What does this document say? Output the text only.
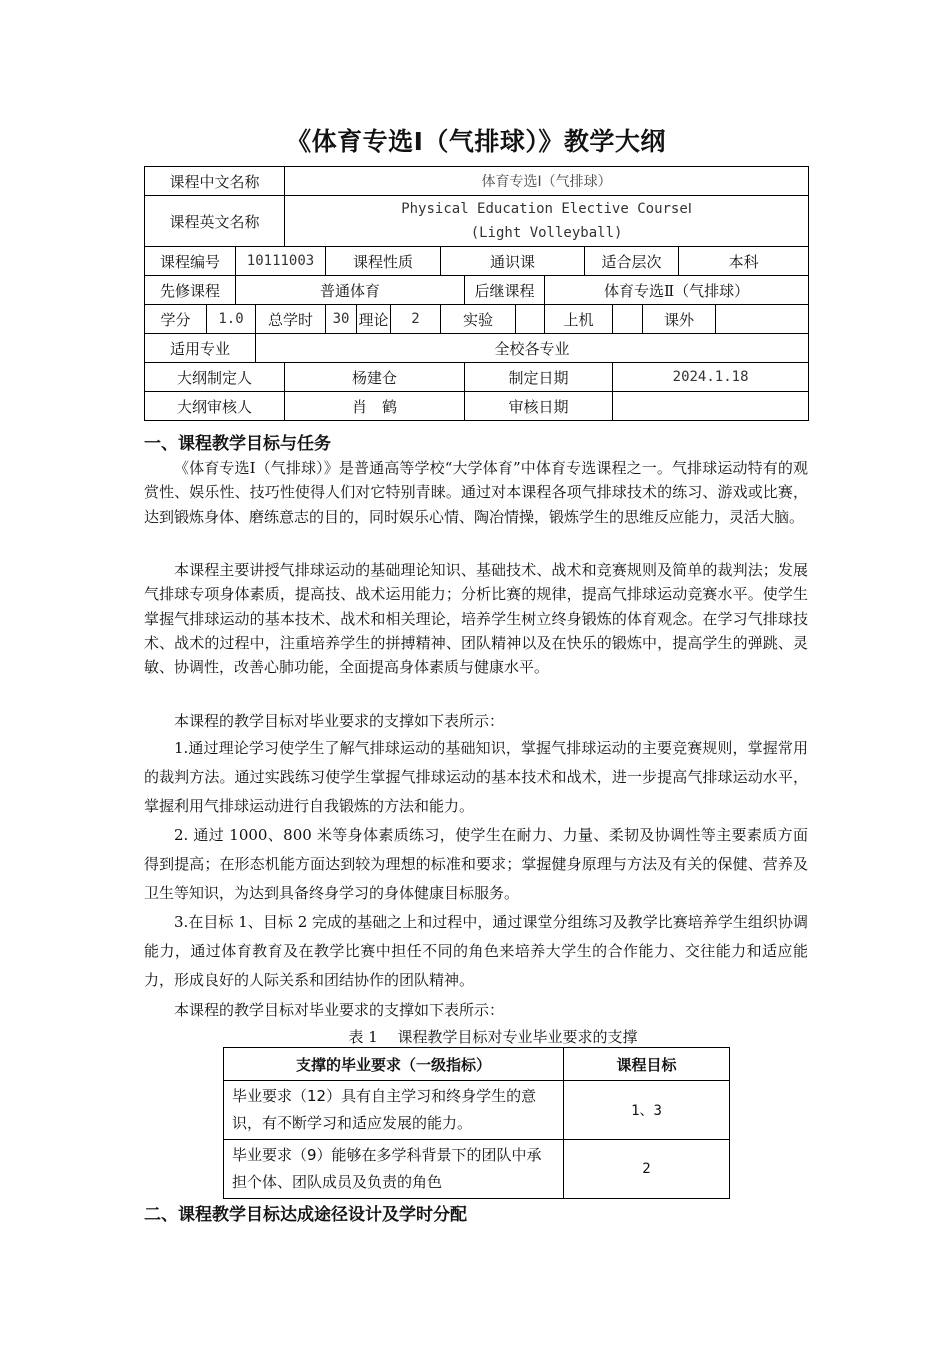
《体育专选Ⅰ（气排球）》教学大纲
课程中文名称				体育专选Ⅰ（气排球）												
课程英文名称				Physical Education Elective CourseⅠ
(Light Volleyball)												

课程编号		10111003			课程性质			通识课				适合层次			本科	
先修课程		普通体育							后继课程		体育专选Ⅱ（气排球）					
学分	1.0		总学时		30	理论	2	实验			上机			课外		
适用专业			全校各专业													
大纲制定人				杨建仓					制定日期				2024.1.18			
大纲审核人				肖　鹤					审核日期							
一、课程教学目标与任务

《体育专选Ⅰ（气排球）》是普通高等学校“大学体育”中体育专选课程之一。气排球运动特有的观赏性、娱乐性、技巧性使得人们对它特别青睐。通过对本课程各项气排球技术的练习、游戏或比赛，达到锻炼身体、磨练意志的目的，同时娱乐心情、陶冶情操，锻炼学生的思维反应能力，灵活大脑。

本课程主要讲授气排球运动的基础理论知识、基础技术、战术和竞赛规则及简单的裁判法；发展气排球专项身体素质，提高技、战术运用能力；分析比赛的规律，提高气排球运动竞赛水平。使学生掌握气排球运动的基本技术、战术和相关理论，培养学生树立终身锻炼的体育观念。在学习气排球技术、战术的过程中，注重培养学生的拼搏精神、团队精神以及在快乐的锻炼中，提高学生的弹跳、灵敏、协调性，改善心肺功能，全面提高身体素质与健康水平。

本课程的教学目标对毕业要求的支撑如下表所示：

1.通过理论学习使学生了解气排球运动的基础知识，掌握气排球运动的主要竞赛规则，掌握常用的裁判方法。通过实践练习使学生掌握气排球运动的基本技术和战术，进一步提高气排球运动水平，掌握利用气排球运动进行自我锻炼的方法和能力。

2. 通过 1000、800 米等身体素质练习，使学生在耐力、力量、柔韧及协调性等主要素质方面得到提高；在形态机能方面达到较为理想的标准和要求；掌握健身原理与方法及有关的保健、营养及卫生等知识，为达到具备终身学习的身体健康目标服务。

3.在目标 1、目标 2 完成的基础之上和过程中，通过课堂分组练习及教学比赛培养学生组织协调能力，通过体育教育及在教学比赛中担任不同的角色来培养大学生的合作能力、交往能力和适应能力，形成良好的人际关系和团结协作的团队精神。

本课程的教学目标对毕业要求的支撑如下表所示：

表 1　 课程教学目标对专业毕业要求的支撑
支撑的毕业要求（一级指标）	课程目标
毕业要求（12）具有自主学习和终身学生的意识，有不断学习和适应发展的能力。	1、3
毕业要求（9）能够在多学科背景下的团队中承担个体、团队成员及负责的角色	2
二、课程教学目标达成途径设计及学时分配
